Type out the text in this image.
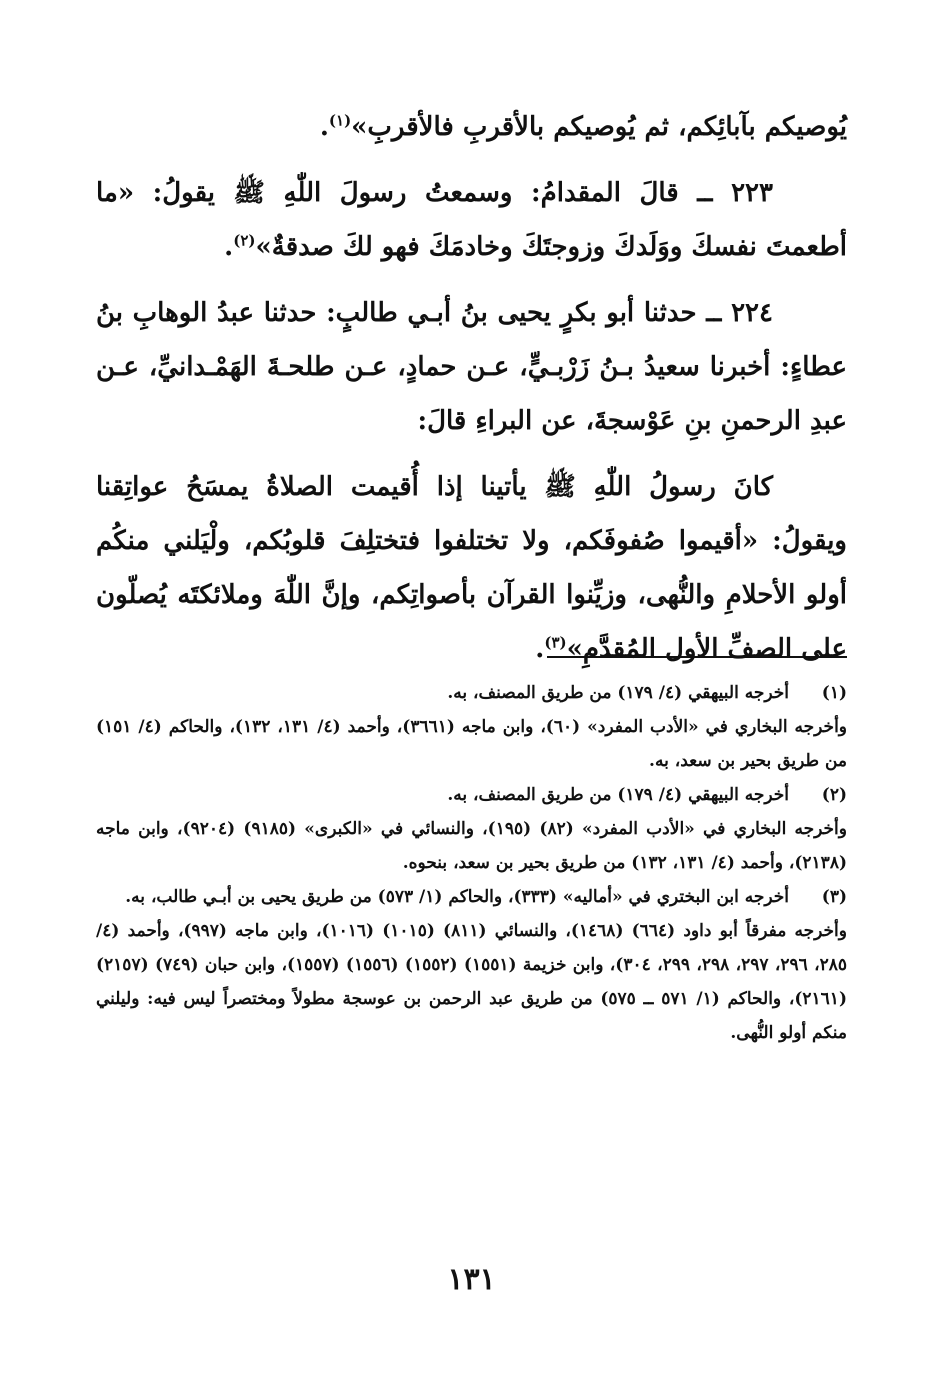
يُوصيكم بآبائِكم، ثم يُوصيكم بالأقربِ فالأقربِ»$^{(١)}$.

٢٢٣ ــ قالَ المقدامُ: وسمعتُ رسولَ اللّٰهِ ﷺ يقولُ: «ما أطعمتَ نفسكَ ووَلَدكَ وزوجتَكَ وخادمَكَ فهو لكَ صدقةٌ»$^{(٢)}$.

٢٢٤ ــ حدثنا أبو بكرٍ يحيى بنُ أبـي طالبٍ: حدثنا عبدُ الوهابِ بنُ عطاءٍ: أخبرنا سعيدُ بـنُ زَرْبـيٍّ، عـن حمادٍ، عـن طلحـةَ الهَمْـدانيِّ، عـن عبدِ الرحمنِ بنِ عَوْسجةَ، عن البراءِ قالَ:

كانَ رسولُ اللّٰهِ ﷺ يأتينا إذا أُقيمت الصلاةُ يمسَحُ عواتِقنا ويقولُ: «أقيموا صُفوفَكم، ولا تختلفوا فتختلِفَ قلوبُكم، ولْيَلني منكُم أولو الأحلامِ والنُّهى، وزيِّنوا القرآن بأصواتِكم، وإنَّ اللّٰهَ وملائكتَه يُصلّون على الصفِّ الأول المُقدَّمِ»$^{(٣)}$.

(١)
أخرجه البيهقي (٤/ ١٧٩) من طريق المصنف، به.
وأخرجه البخاري في «الأدب المفرد» (٦٠)، وابن ماجه (٣٦٦١)، وأحمد (٤/ ١٣١، ١٣٢)، والحاكم (٤/ ١٥١) من طريق بحير بن سعد، به.
(٢)
أخرجه البيهقي (٤/ ١٧٩) من طريق المصنف، به.
وأخرجه البخاري في «الأدب المفرد» (٨٢) (١٩٥)، والنسائي في «الكبرى» (٩١٨٥) (٩٢٠٤)، وابن ماجه (٢١٣٨)، وأحمد (٤/ ١٣١، ١٣٢) من طريق بحير بن سعد، بنحوه.
(٣)
أخرجه ابن البختري في «أماليه» (٣٣٣)، والحاكم (١/ ٥٧٣) من طريق يحيى بن أبـي طالب، به.
وأخرجه مفرقاً أبو داود (٦٦٤) (١٤٦٨)، والنسائي (٨١١) (١٠١٥) (١٠١٦)، وابن ماجه (٩٩٧)، وأحمد (٤/ ٢٨٥، ٢٩٦، ٢٩٧، ٢٩٨، ٢٩٩، ٣٠٤)، وابن خزيمة (١٥٥١) (١٥٥٢) (١٥٥٦) (١٥٥٧)، وابن حبان (٧٤٩) (٢١٥٧) (٢١٦١)، والحاكم (١/ ٥٧١ ــ ٥٧٥) من طريق عبد الرحمن بن عوسجة مطولاً ومختصراً ليس فيه: وليلني منكم أولو النُّهى.
١٣١
